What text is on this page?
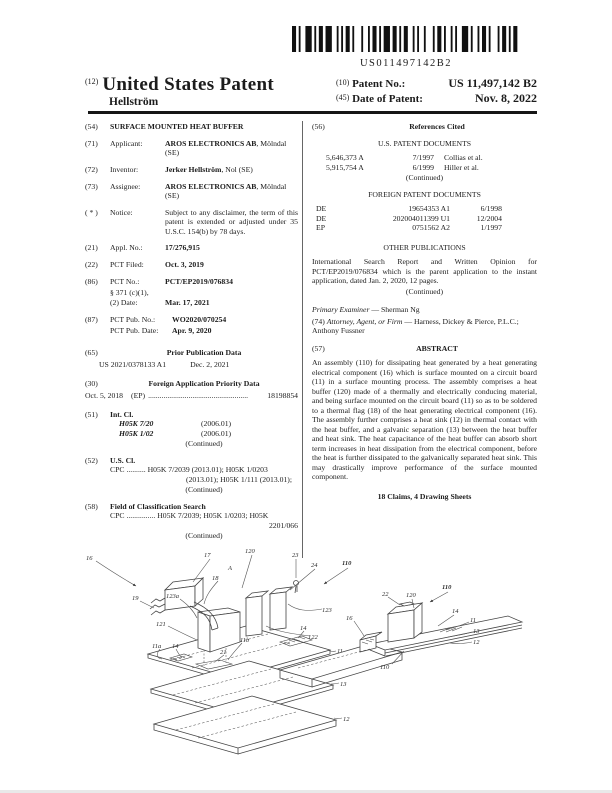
US011497142B2
$^{(12)}$ United States Patent
Hellström
(10) Patent No.:	US 11,497,142 B2
(45) Date of Patent:	Nov. 8, 2022
(54)	SURFACE MOUNTED HEAT BUFFER
(71)	Applicant:	AROS ELECTRONICS AB, Mölndal (SE)
(72)	Inventor:	Jerker Hellström, Nol (SE)
(73)	Assignee:	AROS ELECTRONICS AB, Mölndal (SE)
( * )	Notice:	Subject to any disclaimer, the term of this patent is extended or adjusted under 35 U.S.C. 154(b) by 78 days.
(21)	Appl. No.:	17/276,915
(22)	PCT Filed:	Oct. 3, 2019
(86)	PCT No.:	PCT/EP2019/076834
§ 371 (c)(1),
(2) Date:	Mar. 17, 2021
(87)	PCT Pub. No.:	WO2020/070254
PCT Pub. Date:	Apr. 9, 2020
(65)	Prior Publication Data
US 2021/0378133 A1	Dec. 2, 2021
(30)	Foreign Application Priority Data
Oct. 5, 2018 (EP) ....................................................	18198854
(51)	Int. Cl.
H05K 7/20	(2006.01)
H05K 1/02	(2006.01)
(Continued)
(52)	U.S. Cl.
CPC .......... H05K 7/2039 (2013.01); H05K 1/0203
(2013.01); H05K 1/111 (2013.01);
(Continued)
(58)	Field of Classification Search
CPC ............... H05K 7/2039; H05K 1/0203; H05K
2201/066
(Continued)
(56)	References Cited
U.S. PATENT DOCUMENTS
5,646,373 A	7/1997	Collias et al.
5,915,754 A	6/1999	Hiller et al.
(Continued)
FOREIGN PATENT DOCUMENTS
DE	19654353 A1	6/1998
DE	202004011399 U1	12/2004
EP	0751562 A2	1/1997
OTHER PUBLICATIONS
International Search Report and Written Opinion for PCT/EP2019/076834 which is the parent application to the instant application, dated Jan. 2, 2020, 12 pages.
(Continued)
Primary Examiner — Sherman Ng
(74) Attorney, Agent, or Firm — Harness, Dickey & Pierce, P.L.C.; Anthony Fussner
(57)	ABSTRACT
An assembly (110) for dissipating heat generated by a heat generating electrical component (16) which is surface mounted on a circuit board (11) in a surface mounting process. The assembly comprises a heat buffer (120) made of a thermally and electrically conducing material, and being surface mounted on the circuit board (11) so as to be soldered to a thermal flag (18) of the heat generating electrical component (16). The assembly further comprises a heat sink (12) in thermal contact with the heat buffer, and a galvanic separation (13) between the heat buffer and heat sink. The heat capacitance of the heat buffer can absorb short term increases in heat dissipation from the electrical component, before the heat is further dissipated to the galvanically separated heat sink. This may drastically improve performance of the surface mounted component.
18 Claims, 4 Drawing Sheets
16	17
120
A
23
24	110
18
19	123a
121
123
122
21
11b
11a 14
14
11
13
12
22	120
110
16
14
11
13
12
110
